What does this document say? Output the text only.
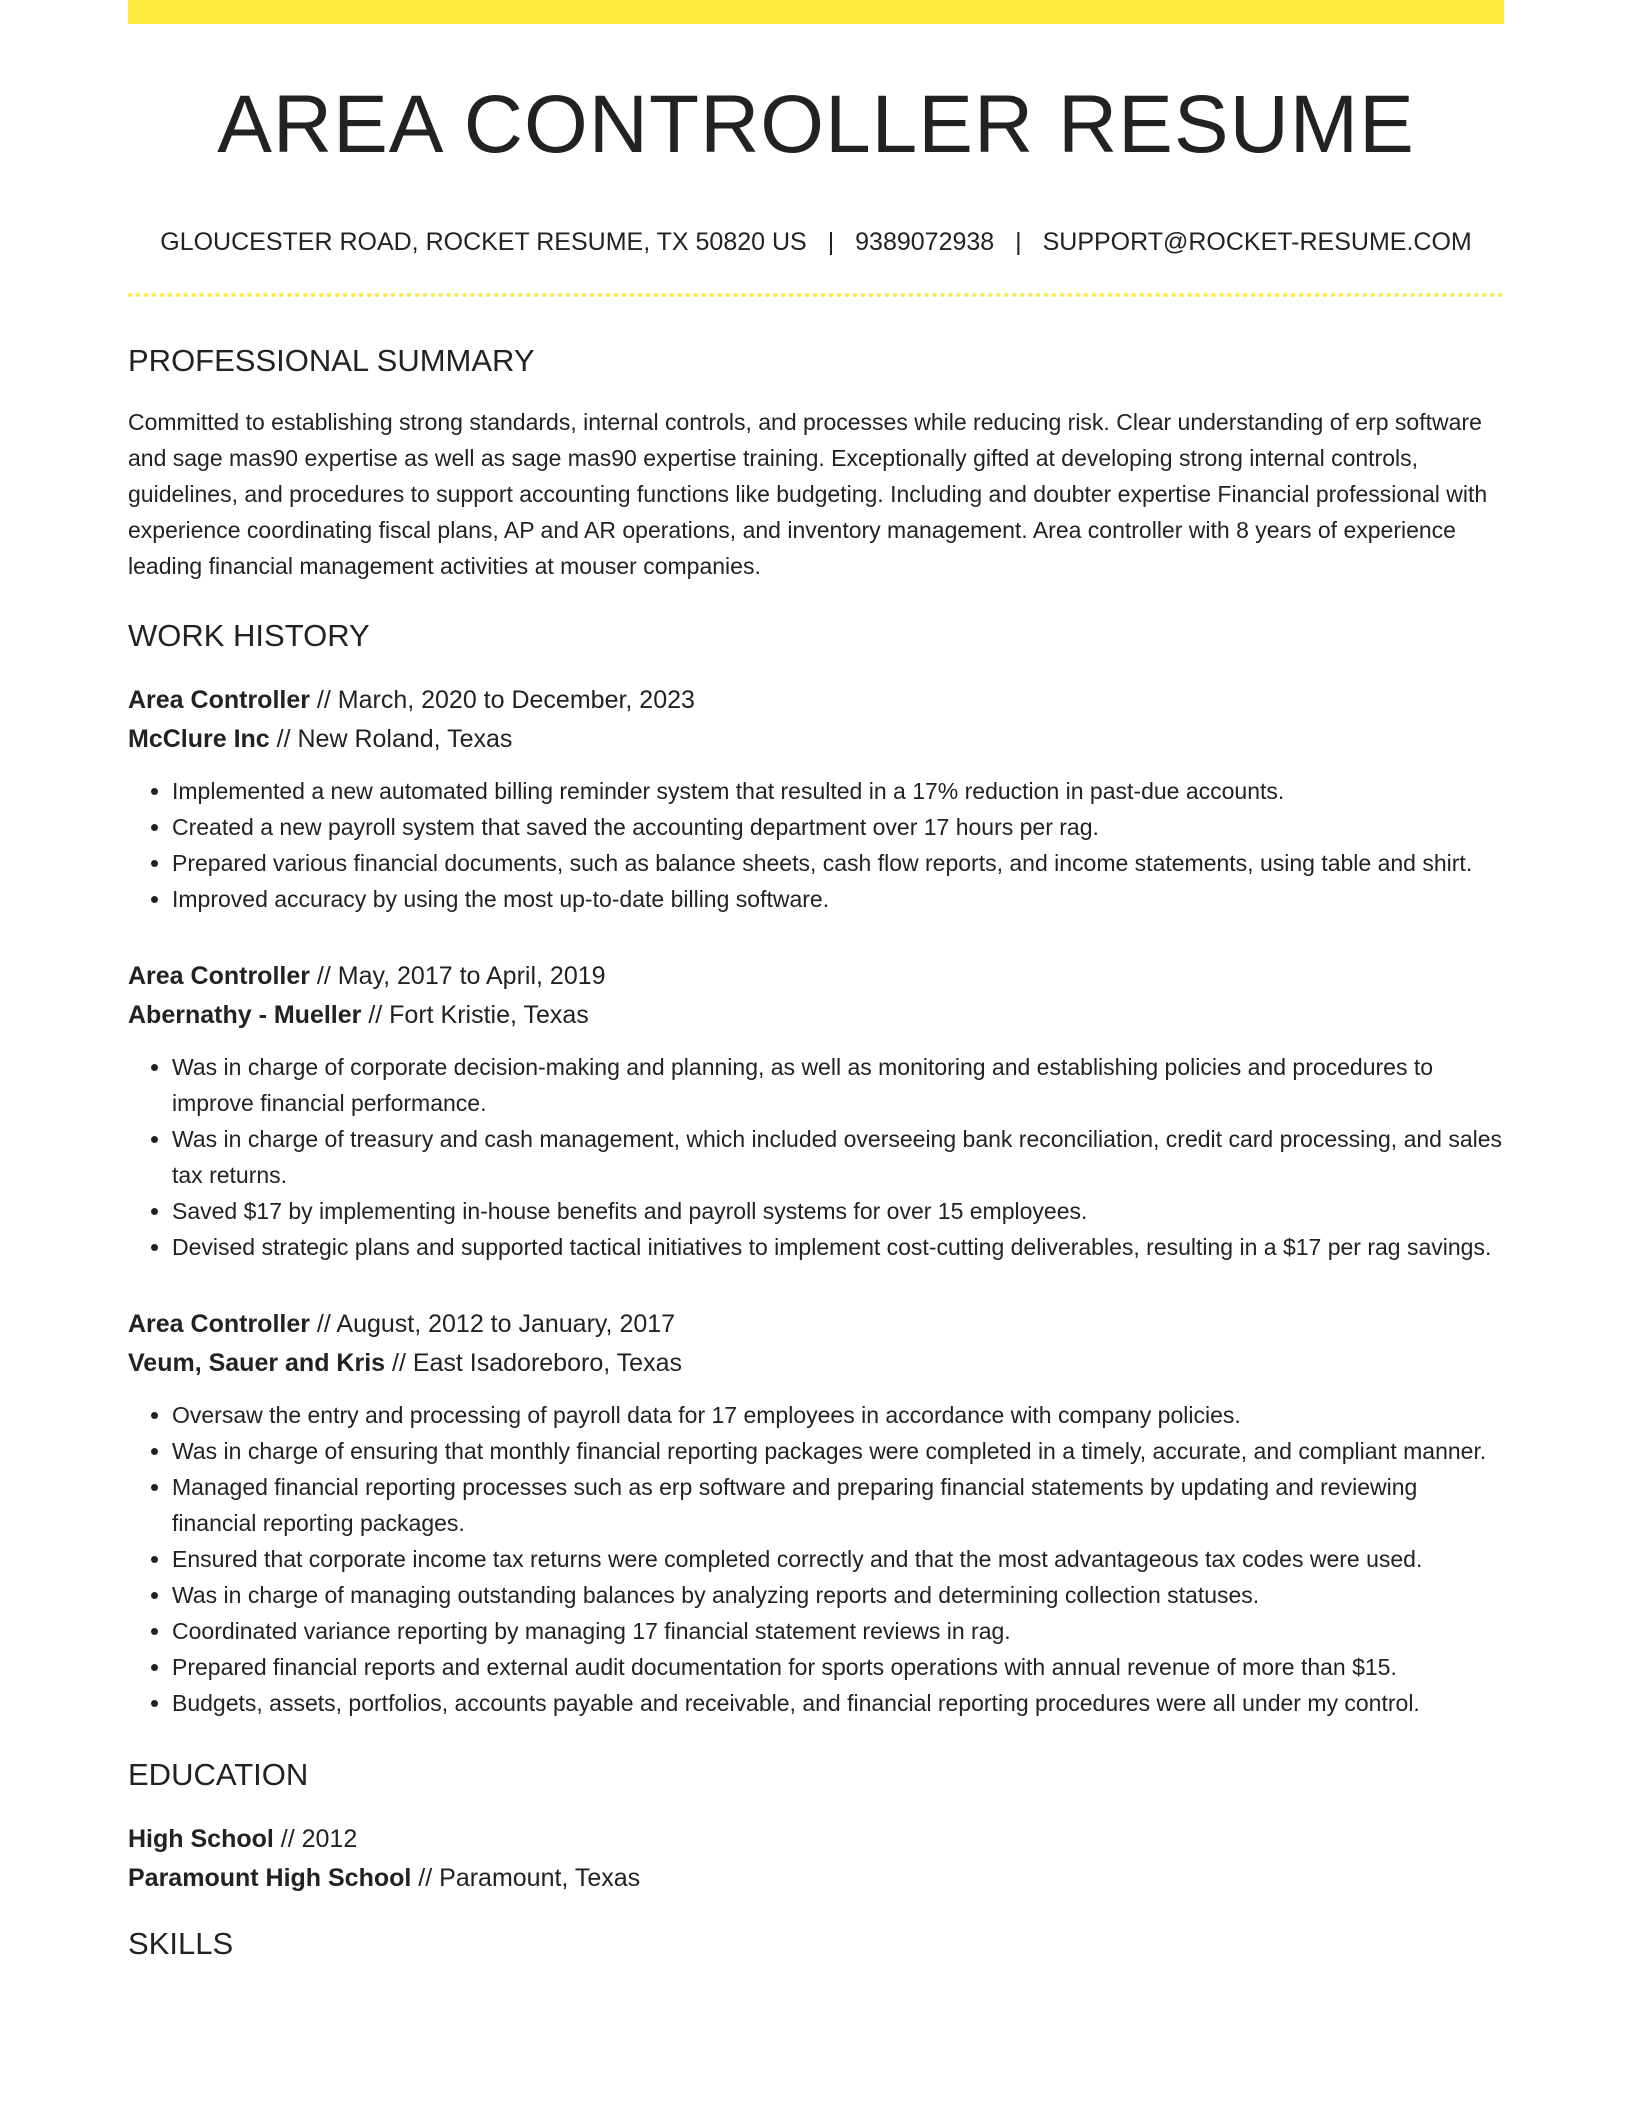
AREA CONTROLLER RESUME
GLOUCESTER ROAD, ROCKET RESUME, TX 50820 US | 9389072938 | SUPPORT@ROCKET-RESUME.COM
PROFESSIONAL SUMMARY

Committed to establishing strong standards, internal controls, and processes while reducing risk. Clear understanding of erp software and sage mas90 expertise as well as sage mas90 expertise training. Exceptionally gifted at developing strong internal controls, guidelines, and procedures to support accounting functions like budgeting. Including and doubter expertise Financial professional with experience coordinating fiscal plans, AP and AR operations, and inventory management. Area controller with 8 years of experience leading financial management activities at mouser companies.

WORK HISTORY
Area Controller // March, 2020 to December, 2023
McClure Inc // New Roland, Texas
• Implemented a new automated billing reminder system that resulted in a 17% reduction in past-due accounts.
• Created a new payroll system that saved the accounting department over 17 hours per rag.
• Prepared various financial documents, such as balance sheets, cash flow reports, and income statements, using table and shirt.
• Improved accuracy by using the most up-to-date billing software.
Area Controller // May, 2017 to April, 2019
Abernathy - Mueller // Fort Kristie, Texas
• Was in charge of corporate decision-making and planning, as well as monitoring and establishing policies and procedures to improve financial performance.
• Was in charge of treasury and cash management, which included overseeing bank reconciliation, credit card processing, and sales tax returns.
• Saved $17 by implementing in-house benefits and payroll systems for over 15 employees.
• Devised strategic plans and supported tactical initiatives to implement cost-cutting deliverables, resulting in a $17 per rag savings.
Area Controller // August, 2012 to January, 2017
Veum, Sauer and Kris // East Isadoreboro, Texas
• Oversaw the entry and processing of payroll data for 17 employees in accordance with company policies.
• Was in charge of ensuring that monthly financial reporting packages were completed in a timely, accurate, and compliant manner.
• Managed financial reporting processes such as erp software and preparing financial statements by updating and reviewing financial reporting packages.
• Ensured that corporate income tax returns were completed correctly and that the most advantageous tax codes were used.
• Was in charge of managing outstanding balances by analyzing reports and determining collection statuses.
• Coordinated variance reporting by managing 17 financial statement reviews in rag.
• Prepared financial reports and external audit documentation for sports operations with annual revenue of more than $15.
• Budgets, assets, portfolios, accounts payable and receivable, and financial reporting procedures were all under my control.
EDUCATION
High School // 2012
Paramount High School // Paramount, Texas
SKILLS
